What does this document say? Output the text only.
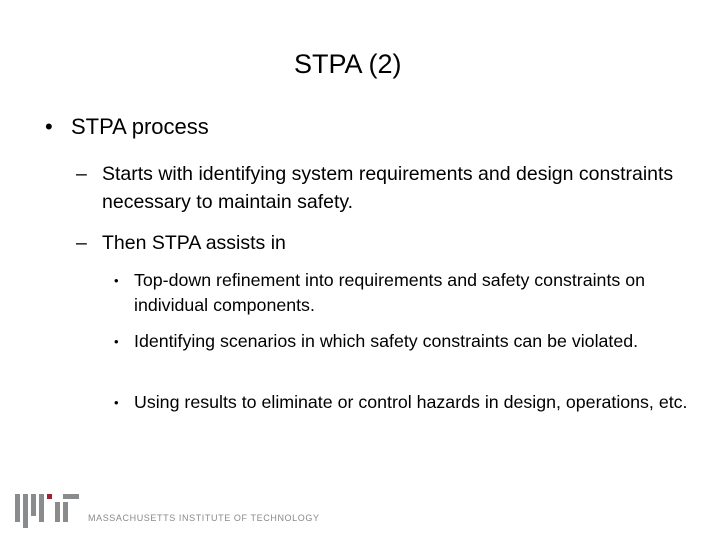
STPA (2)
• STPA process
– Starts with identifying system requirements and design constraints necessary to maintain safety.
– Then STPA assists in
• Top-down refinement into requirements and safety constraints on individual components.
• Identifying scenarios in which safety constraints can be violated.
• Using results to eliminate or control hazards in design, operations, etc.
MASSACHUSETTS INSTITUTE OF TECHNOLOGY
